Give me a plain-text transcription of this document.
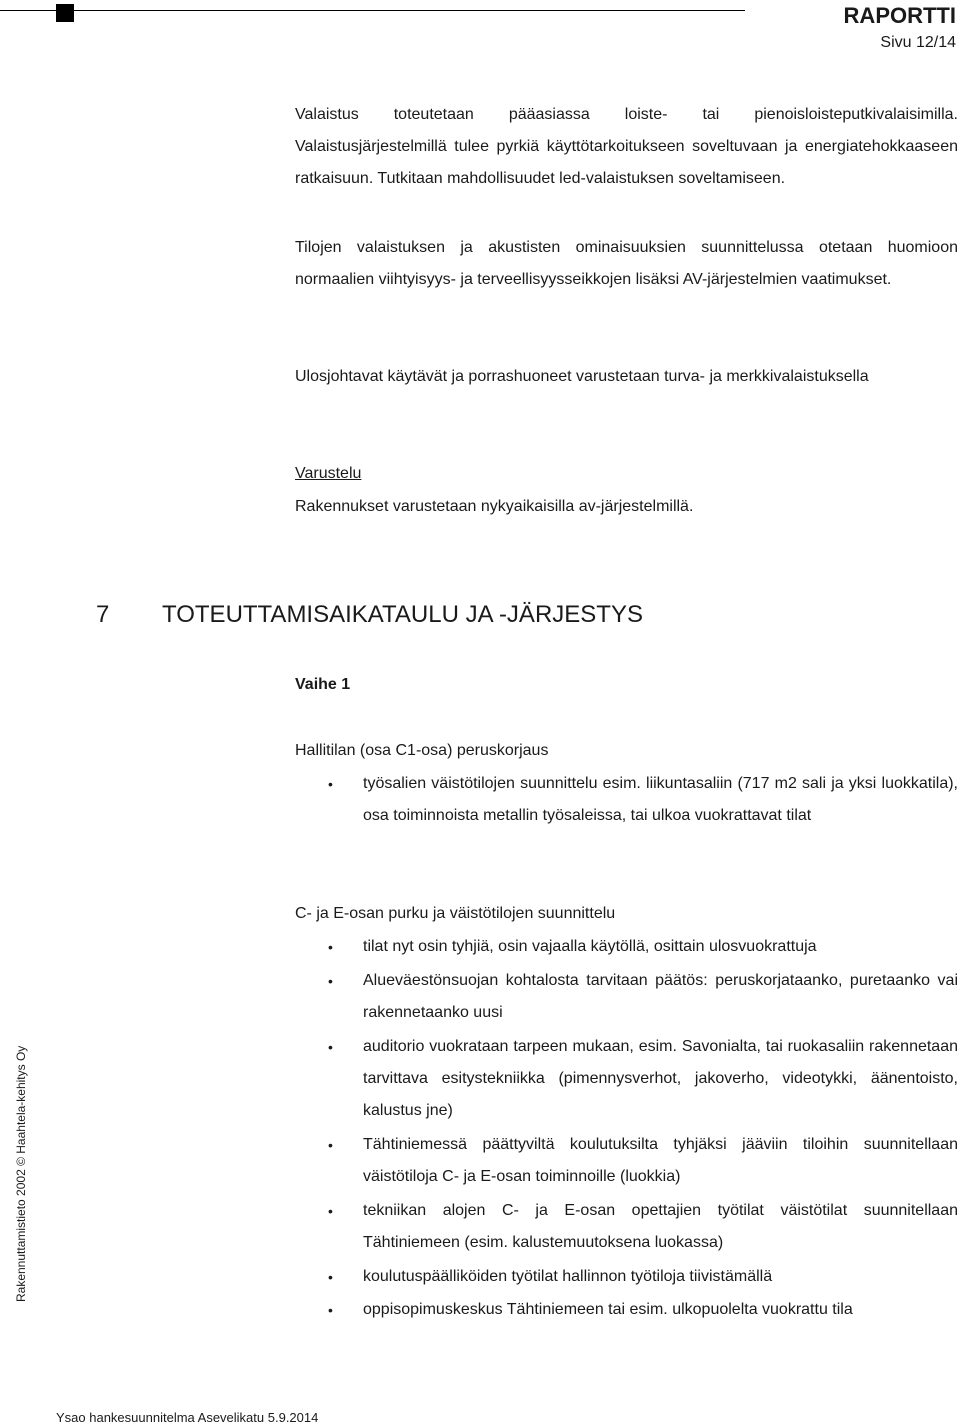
RAPORTTI
Sivu 12/14

Valaistus toteutetaan pääasiassa loiste- tai pienoisloisteputkivalaisimilla. Valaistusjärjestelmillä tulee pyrkiä käyttötarkoitukseen soveltuvaan ja energiatehokkaaseen ratkaisuun. Tutkitaan mahdollisuudet led-valaistuksen soveltamiseen.

Tilojen valaistuksen ja akustisten ominaisuuksien suunnittelussa otetaan huomioon normaalien viihtyisyys- ja terveellisyysseikkojen lisäksi AV-järjestelmien vaatimukset.

Ulosjohtavat käytävät ja porrashuoneet varustetaan turva- ja merkkivalaistuksella

Varustelu

Rakennukset varustetaan nykyaikaisilla av-järjestelmillä.

7 TOTEUTTAMISAIKATAULU JA -JÄRJESTYS
Vaihe 1
Hallitilan (osa C1-osa) peruskorjaus
• työsalien väistötilojen suunnittelu esim. liikuntasaliin (717 m2 sali ja yksi luokkatila), osa toiminnoista metallin työsaleissa, tai ulkoa vuokrattavat tilat
C- ja E-osan purku ja väistötilojen suunnittelu
• tilat nyt osin tyhjiä, osin vajaalla käytöllä, osittain ulosvuokrattuja
• Alueväestönsuojan kohtalosta tarvitaan päätös: peruskorjataanko, puretaanko vai rakennetaanko uusi
• auditorio vuokrataan tarpeen mukaan, esim. Savonialta, tai ruokasaliin rakennetaan tarvittava esitystekniikka (pimennysverhot, jakoverho, videotykki, äänentoisto, kalustus jne)
• Tähtiniemessä päättyviltä koulutuksilta tyhjäksi jääviin tiloihin suunnitellaan väistötiloja C- ja E-osan toiminnoille (luokkia)
• tekniikan alojen C- ja E-osan opettajien työtilat väistötilat suunnitellaan Tähtiniemeen (esim. kalustemuutoksena luokassa)
• koulutuspäälliköiden työtilat hallinnon työtiloja tiivistämällä
• oppisopimuskeskus Tähtiniemeen tai esim. ulkopuolelta vuokrattu tila
Rakennuttamistieto 2002 © Haahtela-kehitys Oy
Ysao hankesuunnitelma Asevelikatu 5.9.2014
